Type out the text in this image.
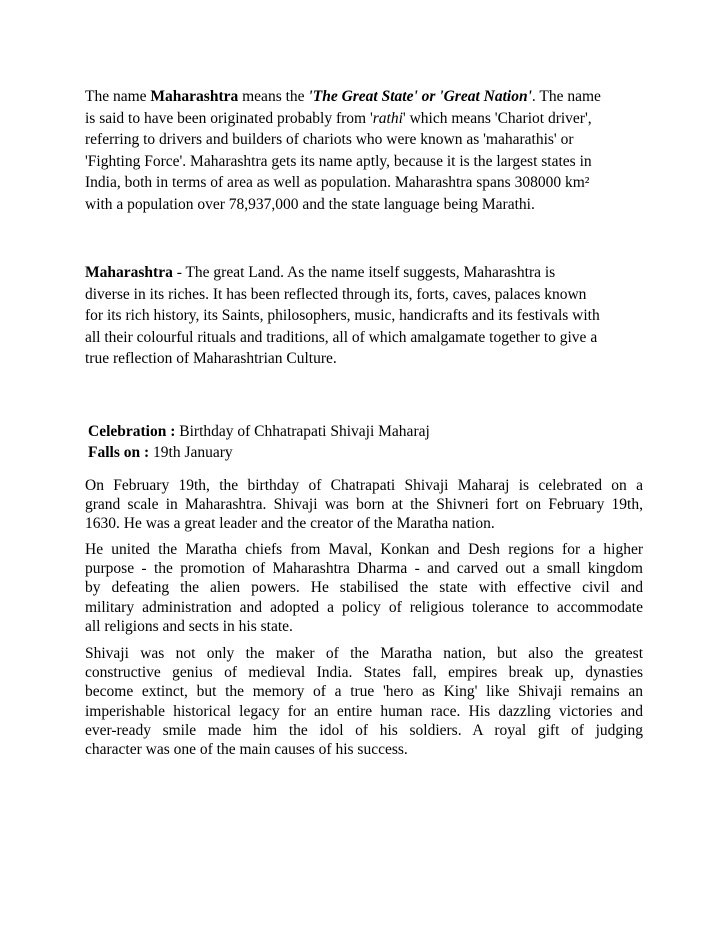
The name Maharashtra means the 'The Great State' or 'Great Nation'. The name
is said to have been originated probably from 'rathi' which means 'Chariot driver',
referring to drivers and builders of chariots who were known as 'maharathis' or
'Fighting Force'. Maharashtra gets its name aptly, because it is the largest states in
India, both in terms of area as well as population. Maharashtra spans 308000 km²
with a population over 78,937,000 and the state language being Marathi.
Maharashtra - The great Land. As the name itself suggests, Maharashtra is
diverse in its riches. It has been reflected through its, forts, caves, palaces known
for its rich history, its Saints, philosophers, music, handicrafts and its festivals with
all their colourful rituals and traditions, all of which amalgamate together to give a
true reflection of Maharashtrian Culture.
Celebration : Birthday of Chhatrapati Shivaji Maharaj
Falls on : 19th January
On February 19th, the birthday of Chatrapati Shivaji Maharaj is celebrated on a
grand scale in Maharashtra. Shivaji was born at the Shivneri fort on February 19th,
1630. He was a great leader and the creator of the Maratha nation.
He united the Maratha chiefs from Maval, Konkan and Desh regions for a higher
purpose - the promotion of Maharashtra Dharma - and carved out a small kingdom
by defeating the alien powers. He stabilised the state with effective civil and
military administration and adopted a policy of religious tolerance to accommodate
all religions and sects in his state.
Shivaji was not only the maker of the Maratha nation, but also the greatest
constructive genius of medieval India. States fall, empires break up, dynasties
become extinct, but the memory of a true 'hero as King' like Shivaji remains an
imperishable historical legacy for an entire human race. His dazzling victories and
ever-ready smile made him the idol of his soldiers. A royal gift of judging
character was one of the main causes of his success.
